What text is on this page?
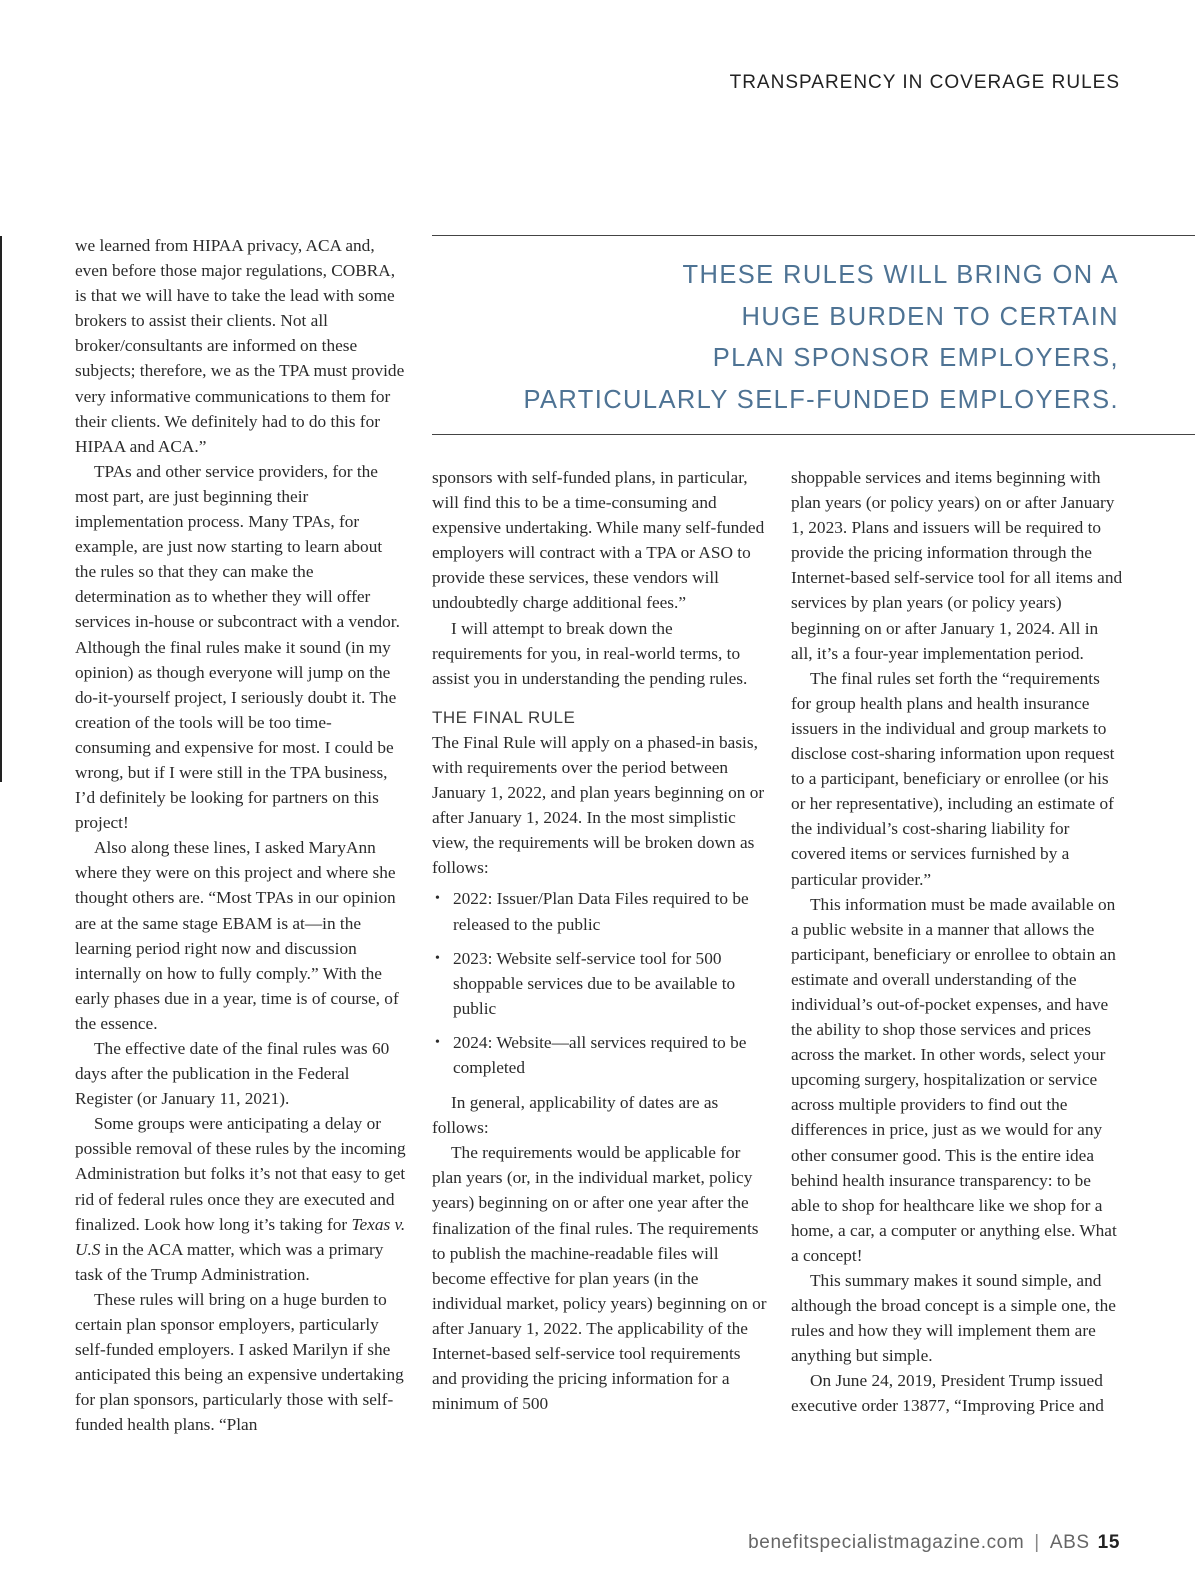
TRANSPARENCY IN COVERAGE RULES
THESE RULES WILL BRING ON A
HUGE BURDEN TO CERTAIN
PLAN SPONSOR EMPLOYERS,
PARTICULARLY SELF-FUNDED EMPLOYERS.

we learned from HIPAA privacy, ACA and, even before those major regulations, COBRA, is that we will have to take the lead with some brokers to assist their clients. Not all broker/consultants are informed on these subjects; therefore, we as the TPA must provide very informative communications to them for their clients. We definitely had to do this for HIPAA and ACA.”

TPAs and other service providers, for the most part, are just beginning their implementation process. Many TPAs, for example, are just now starting to learn about the rules so that they can make the determination as to whether they will offer services in-house or subcontract with a vendor. Although the final rules make it sound (in my opinion) as though everyone will jump on the do-it-yourself project, I seriously doubt it. The creation of the tools will be too time-consuming and expensive for most. I could be wrong, but if I were still in the TPA business, I’d definitely be looking for partners on this project!

Also along these lines, I asked MaryAnn where they were on this project and where she thought others are. “Most TPAs in our opinion are at the same stage EBAM is at—in the learning period right now and discussion internally on how to fully comply.” With the early phases due in a year, time is of course, of the essence.

The effective date of the final rules was 60 days after the publication in the Federal Register (or January 11, 2021).

Some groups were anticipating a delay or possible removal of these rules by the incoming Administration but folks it’s not that easy to get rid of federal rules once they are executed and finalized. Look how long it’s taking for Texas v. U.S in the ACA matter, which was a primary task of the Trump Administration.

These rules will bring on a huge burden to certain plan sponsor employers, particularly self-funded employers. I asked Marilyn if she anticipated this being an expensive undertaking for plan sponsors, particularly those with self-funded health plans. “Plan

sponsors with self-funded plans, in particular, will find this to be a time-consuming and expensive undertaking. While many self-funded employers will contract with a TPA or ASO to provide these services, these vendors will undoubtedly charge additional fees.”

I will attempt to break down the requirements for you, in real-world terms, to assist you in understanding the pending rules.

THE FINAL RULE

The Final Rule will apply on a phased-in basis, with requirements over the period between January 1, 2022, and plan years beginning on or after January 1, 2024. In the most simplistic view, the requirements will be broken down as follows:

• 2022: Issuer/Plan Data Files required to be released to the public
• 2023: Website self-service tool for 500 shoppable services due to be available to public
• 2024: Website—all services required to be completed

In general, applicability of dates are as follows:

The requirements would be applicable for plan years (or, in the individual market, policy years) beginning on or after one year after the finalization of the final rules. The requirements to publish the machine-readable files will become effective for plan years (in the individual market, policy years) beginning on or after January 1, 2022. The applicability of the Internet-based self-service tool requirements and providing the pricing information for a minimum of 500

shoppable services and items beginning with plan years (or policy years) on or after January 1, 2023. Plans and issuers will be required to provide the pricing information through the Internet-based self-service tool for all items and services by plan years (or policy years) beginning on or after January 1, 2024. All in all, it’s a four-year implementation period.

The final rules set forth the “requirements for group health plans and health insurance issuers in the individual and group markets to disclose cost-sharing information upon request to a participant, beneficiary or enrollee (or his or her representative), including an estimate of the individual’s cost-sharing liability for covered items or services furnished by a particular provider.”

This information must be made available on a public website in a manner that allows the participant, beneficiary or enrollee to obtain an estimate and overall understanding of the individual’s out-of-pocket expenses, and have the ability to shop those services and prices across the market. In other words, select your upcoming surgery, hospitalization or service across multiple providers to find out the differences in price, just as we would for any other consumer good. This is the entire idea behind health insurance transparency: to be able to shop for healthcare like we shop for a home, a car, a computer or anything else. What a concept!

This summary makes it sound simple, and although the broad concept is a simple one, the rules and how they will implement them are anything but simple.

On June 24, 2019, President Trump issued executive order 13877, “Improving Price and

benefitspecialistmagazine.com | ABS 15
